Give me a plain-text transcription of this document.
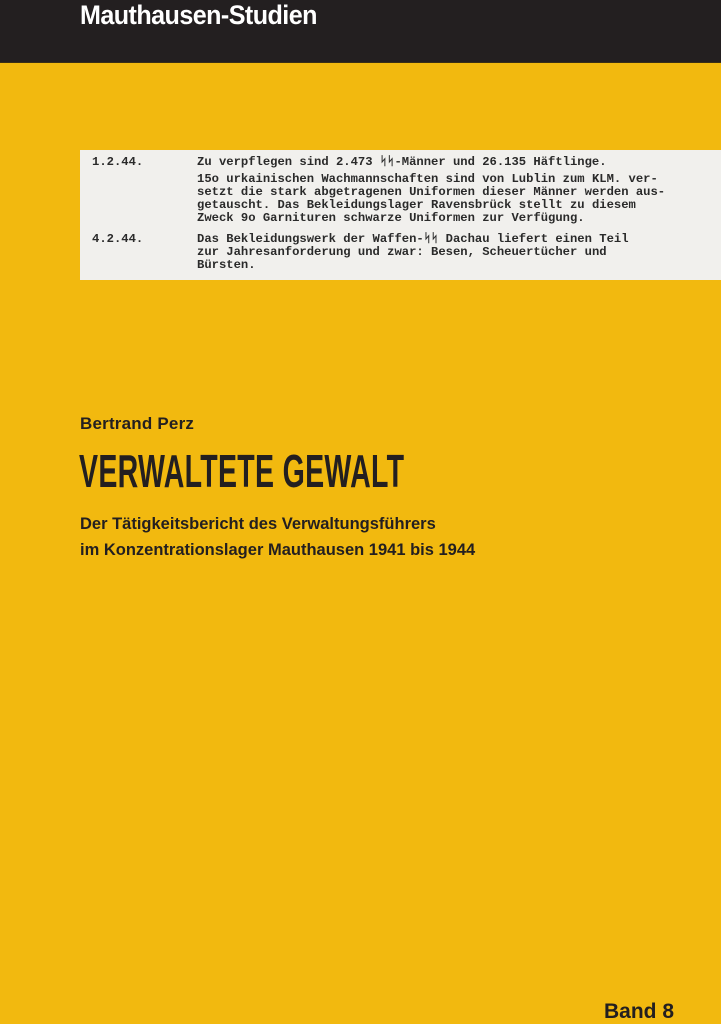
Mauthausen-Studien
1.2.44.	Zu verpflegen sind 2.473 ᛋᛋ-Männer und 26.135 Häftlinge.
15o urkainischen Wachmannschaften sind von Lublin zum KLM. ver-
setzt die stark abgetragenen Uniformen dieser Männer werden aus-
getauscht. Das Bekleidungslager Ravensbrück stellt zu diesem
Zweck 9o Garnituren schwarze Uniformen zur Verfügung.
4.2.44.	Das Bekleidungswerk der Waffen-ᛋᛋ Dachau liefert einen Teil
zur Jahresanforderung und zwar: Besen, Scheuertücher und
Bürsten.
Bertrand Perz
VERWALTETE GEWALT
Der Tätigkeitsbericht des Verwaltungsführers
im Konzentrationslager Mauthausen 1941 bis 1944
Band 8
